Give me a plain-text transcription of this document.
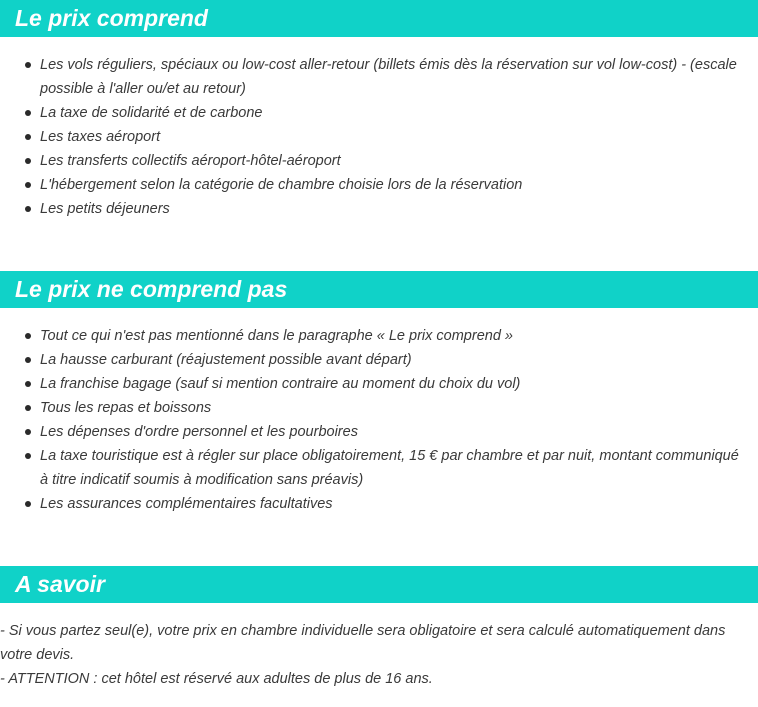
Le prix comprend
Les vols réguliers, spéciaux ou low-cost aller-retour (billets émis dès la réservation sur vol low-cost) - (escale possible à l'aller ou/et au retour)
La taxe de solidarité et de carbone
Les taxes aéroport
Les transferts collectifs aéroport-hôtel-aéroport
L'hébergement selon la catégorie de chambre choisie lors de la réservation
Les petits déjeuners
Le prix ne comprend pas
Tout ce qui n'est pas mentionné dans le paragraphe « Le prix comprend »
La hausse carburant (réajustement possible avant départ)
La franchise bagage (sauf si mention contraire au moment du choix du vol)
Tous les repas et boissons
Les dépenses d'ordre personnel et les pourboires
La taxe touristique est à régler sur place obligatoirement, 15 € par chambre et par nuit, montant communiqué à titre indicatif soumis à modification sans préavis)
Les assurances complémentaires facultatives
A savoir

- Si vous partez seul(e), votre prix en chambre individuelle sera obligatoire et sera calculé automatiquement dans votre devis.

- ATTENTION : cet hôtel est réservé aux adultes de plus de 16 ans.
